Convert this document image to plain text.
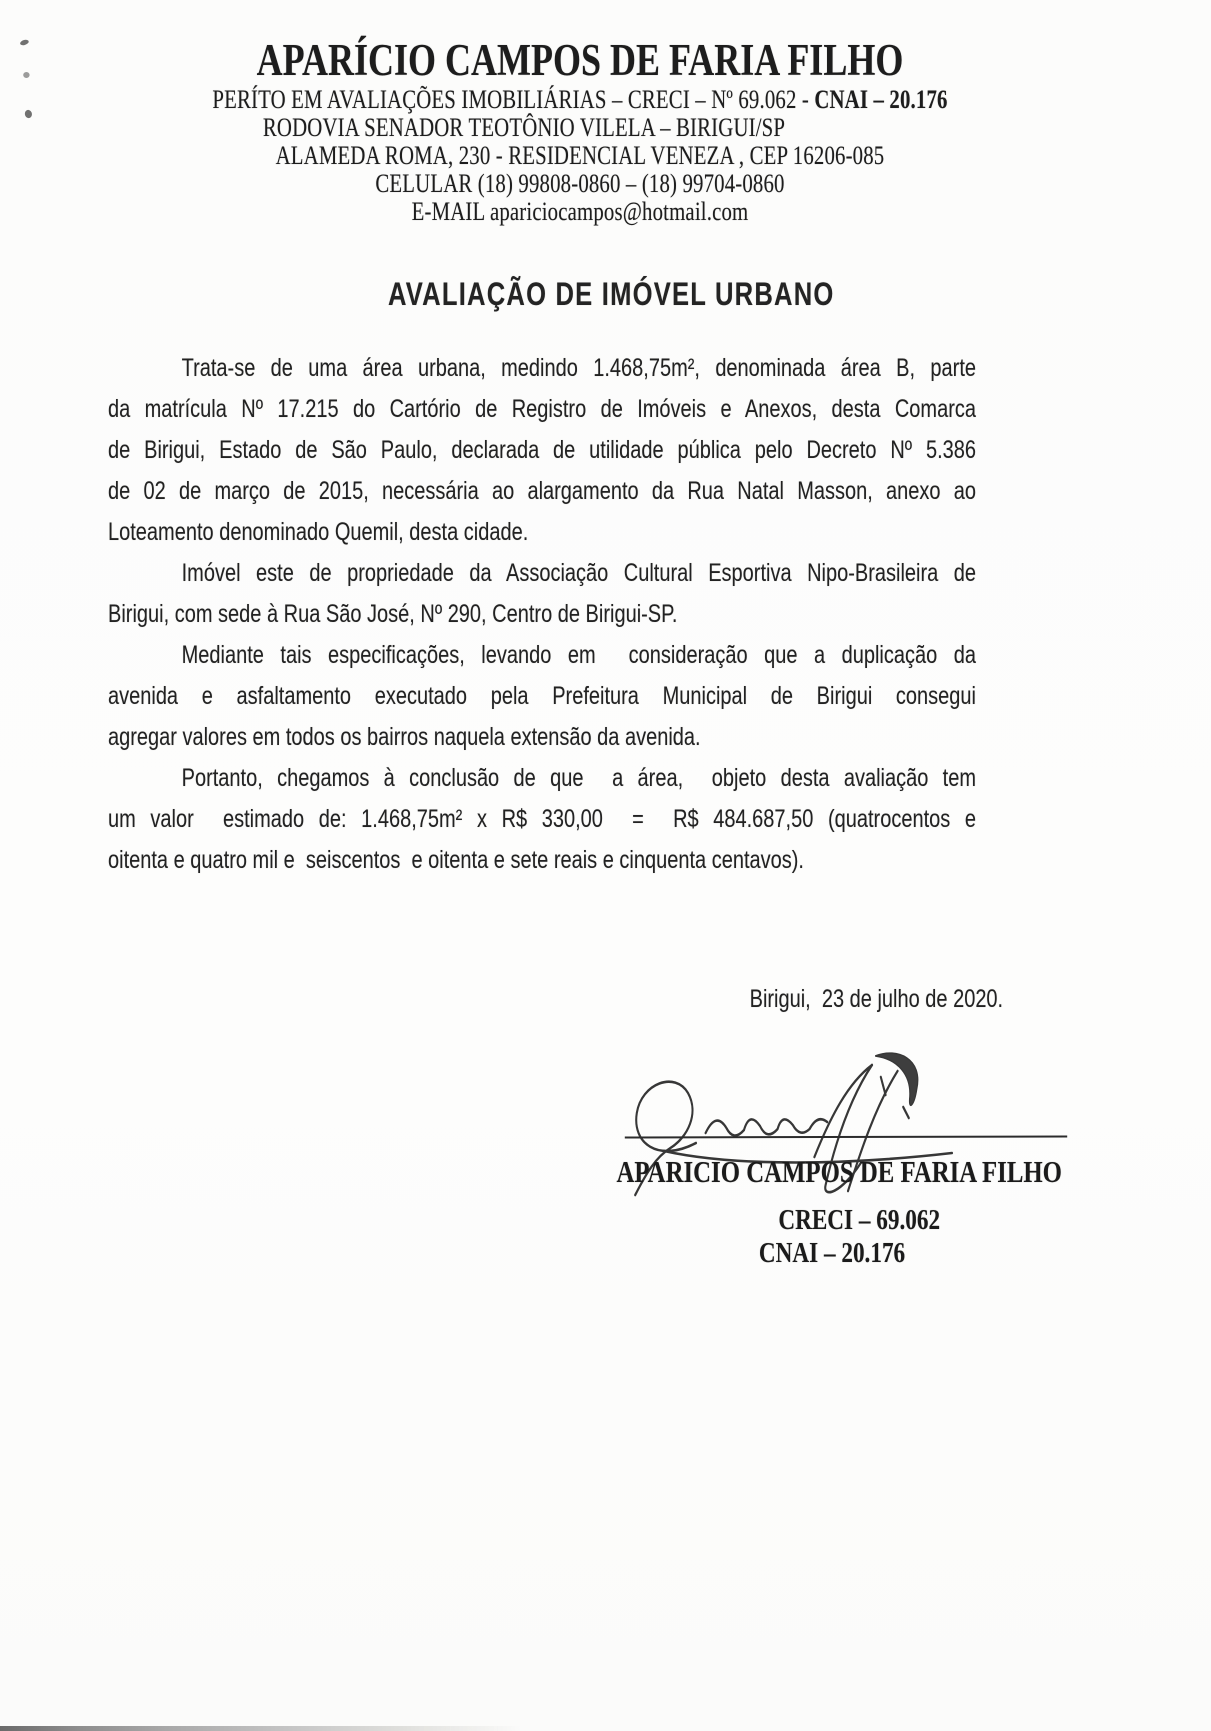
APARÍCIO CAMPOS DE FARIA FILHO
PERÍTO EM AVALIAÇÕES IMOBILIÁRIAS – CRECI – Nº 69.062 - CNAI – 20.176
RODOVIA SENADOR TEOTÔNIO VILELA – BIRIGUI/SP
ALAMEDA ROMA, 230 - RESIDENCIAL VENEZA , CEP 16206-085
CELULAR (18) 99808-0860 – (18) 99704-0860
E-MAIL apariciocampos@hotmail.com
AVALIAÇÃO DE IMÓVEL URBANO
Trata-se de uma área urbana, medindo 1.468,75m², denominada área B, parte
da matrícula Nº 17.215 do Cartório de Registro de Imóveis e Anexos, desta Comarca
de Birigui, Estado de São Paulo, declarada de utilidade pública pelo Decreto Nº 5.386
de 02 de março de 2015, necessária ao alargamento da Rua Natal Masson, anexo ao
Loteamento denominado Quemil, desta cidade.
Imóvel este de propriedade da Associação Cultural Esportiva Nipo-Brasileira de
Birigui, com sede à Rua São José, Nº 290, Centro de Birigui-SP.
Mediante tais especificações, levando em  consideração que a duplicação da
avenida e asfaltamento executado pela Prefeitura Municipal de Birigui consegui
agregar valores em todos os bairros naquela extensão da avenida.
Portanto, chegamos à conclusão de que  a área,  objeto desta avaliação tem
um valor  estimado de: 1.468,75m² x R$ 330,00  =  R$ 484.687,50 (quatrocentos e
oitenta e quatro mil e  seiscentos  e oitenta e sete reais e cinquenta centavos).
Birigui,  23 de julho de 2020.
APARICIO CAMPOS DE FARIA FILHO
CRECI – 69.062
CNAI – 20.176
